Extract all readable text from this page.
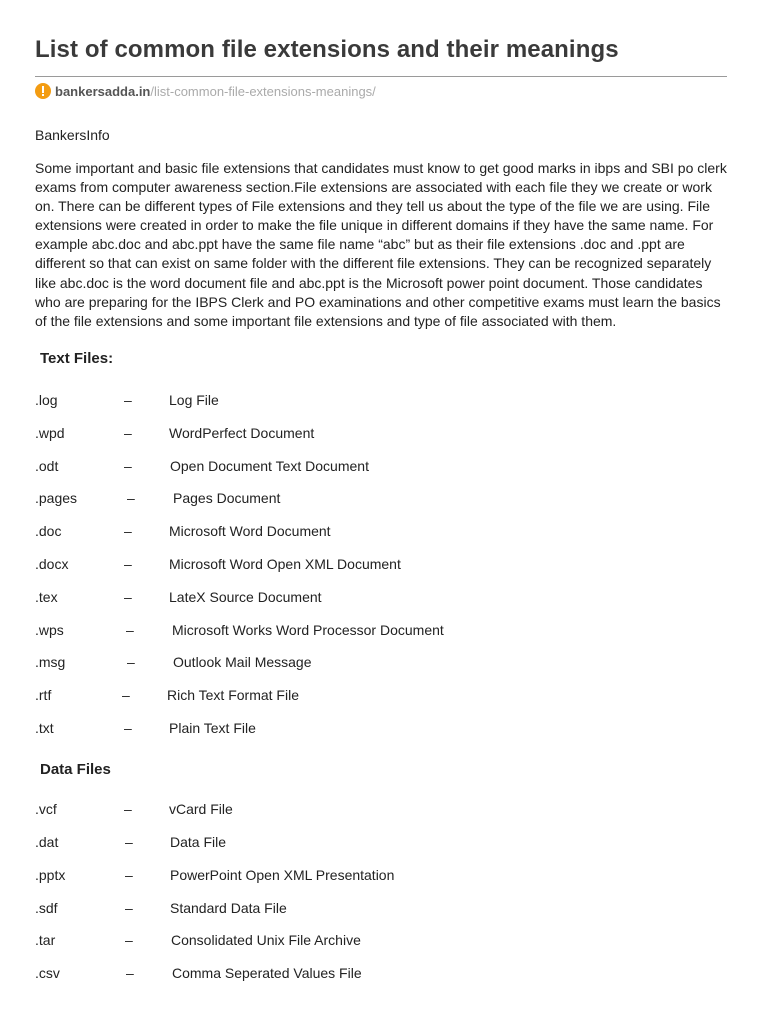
List of common file extensions and their meanings
bankersadda.in /list-common-file-extensions-meanings/
BankersInfo

Some important and basic file extensions that candidates must know to get good marks in ibps and SBI po clerk exams from computer awareness section.File extensions are associated with each file they we create or work on. There can be different types of File extensions and they tell us about the type of the file we are using. File extensions were created in order to make the file unique in different domains if they have the same name. For example abc.doc and abc.ppt have the same file name “abc” but as their file extensions .doc and .ppt are different so that can exist on same folder with the different file extensions. They can be recognized separately like abc.doc is the word document file and abc.ppt is the Microsoft power point document. Those candidates who are preparing for the IBPS Clerk and PO examinations and other competitive exams must learn the basics of the file extensions and some important file extensions and type of file associated with them.

Text Files:
.log	–	Log File
.wpd	–	WordPerfect Document
.odt	–	Open Document Text Document
.pages	–	Pages Document
.doc	–	Microsoft Word Document
.docx	–	Microsoft Word Open XML Document
.tex	–	LateX Source Document
.wps	–	Microsoft Works Word Processor Document
.msg	–	Outlook Mail Message
.rtf	–	Rich Text Format File
.txt	–	Plain Text File
Data Files
.vcf	–	vCard File
.dat	–	Data File
.pptx	–	PowerPoint Open XML Presentation
.sdf	–	Standard Data File
.tar	–	Consolidated Unix File Archive
.csv	–	Comma Seperated Values File
